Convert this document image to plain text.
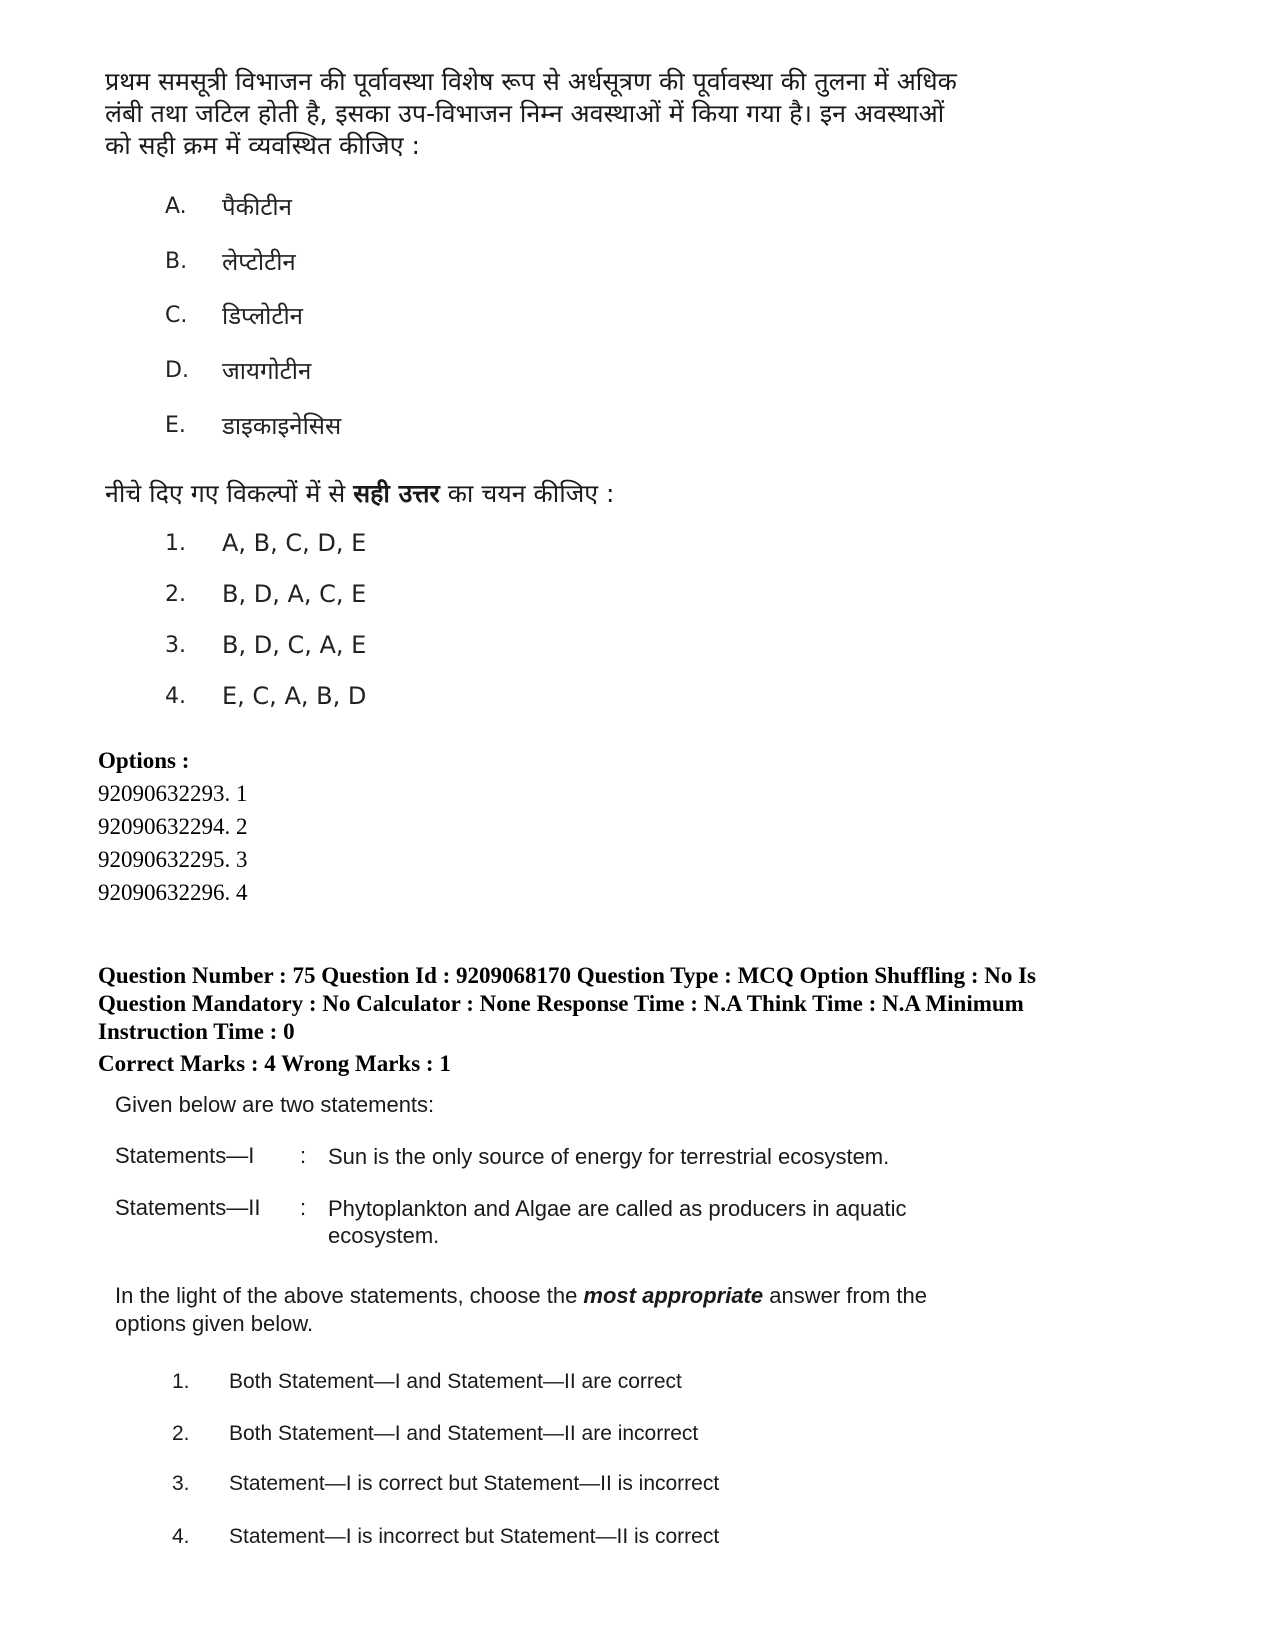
प्रथम समसूत्री विभाजन की पूर्वावस्था विशेष रूप से अर्धसूत्रण की पूर्वावस्था की तुलना में अधिक
लंबी तथा जटिल होती है, इसका उप-विभाजन निम्न अवस्थाओं में किया गया है। इन अवस्थाओं
को सही क्रम में व्यवस्थित कीजिए :
A. पैकीटीन
B. लेप्टोटीन
C. डिप्लोटीन
D. जायगोटीन
E. डाइकाइनेसिस
1. A, B, C, D, E
2. B, D, A, C, E
3. B, D, C, A, E
4. E, C, A, B, D
नीचे दिए गए विकल्पों में से सही उत्तर का चयन कीजिए :
Options :
92090632293. 1
92090632294. 2
92090632295. 3
92090632296. 4
Question Number : 75 Question Id : 9209068170 Question Type : MCQ Option Shuffling : No Is
Question Mandatory : No Calculator : None Response Time : N.A Think Time : N.A Minimum
Instruction Time : 0
Correct Marks : 4 Wrong Marks : 1
Given below are two statements:
Statements—I : Sun is the only source of energy for terrestrial ecosystem.
Statements—II : Phytoplankton and Algae are called as producers in aquatic ecosystem.
In the light of the above statements, choose the most appropriate answer from the options given below.
1. Both Statement—I and Statement—II are correct
2. Both Statement—I and Statement—II are incorrect
3. Statement—I is correct but Statement—II is incorrect
4. Statement—I is incorrect but Statement—II is correct
